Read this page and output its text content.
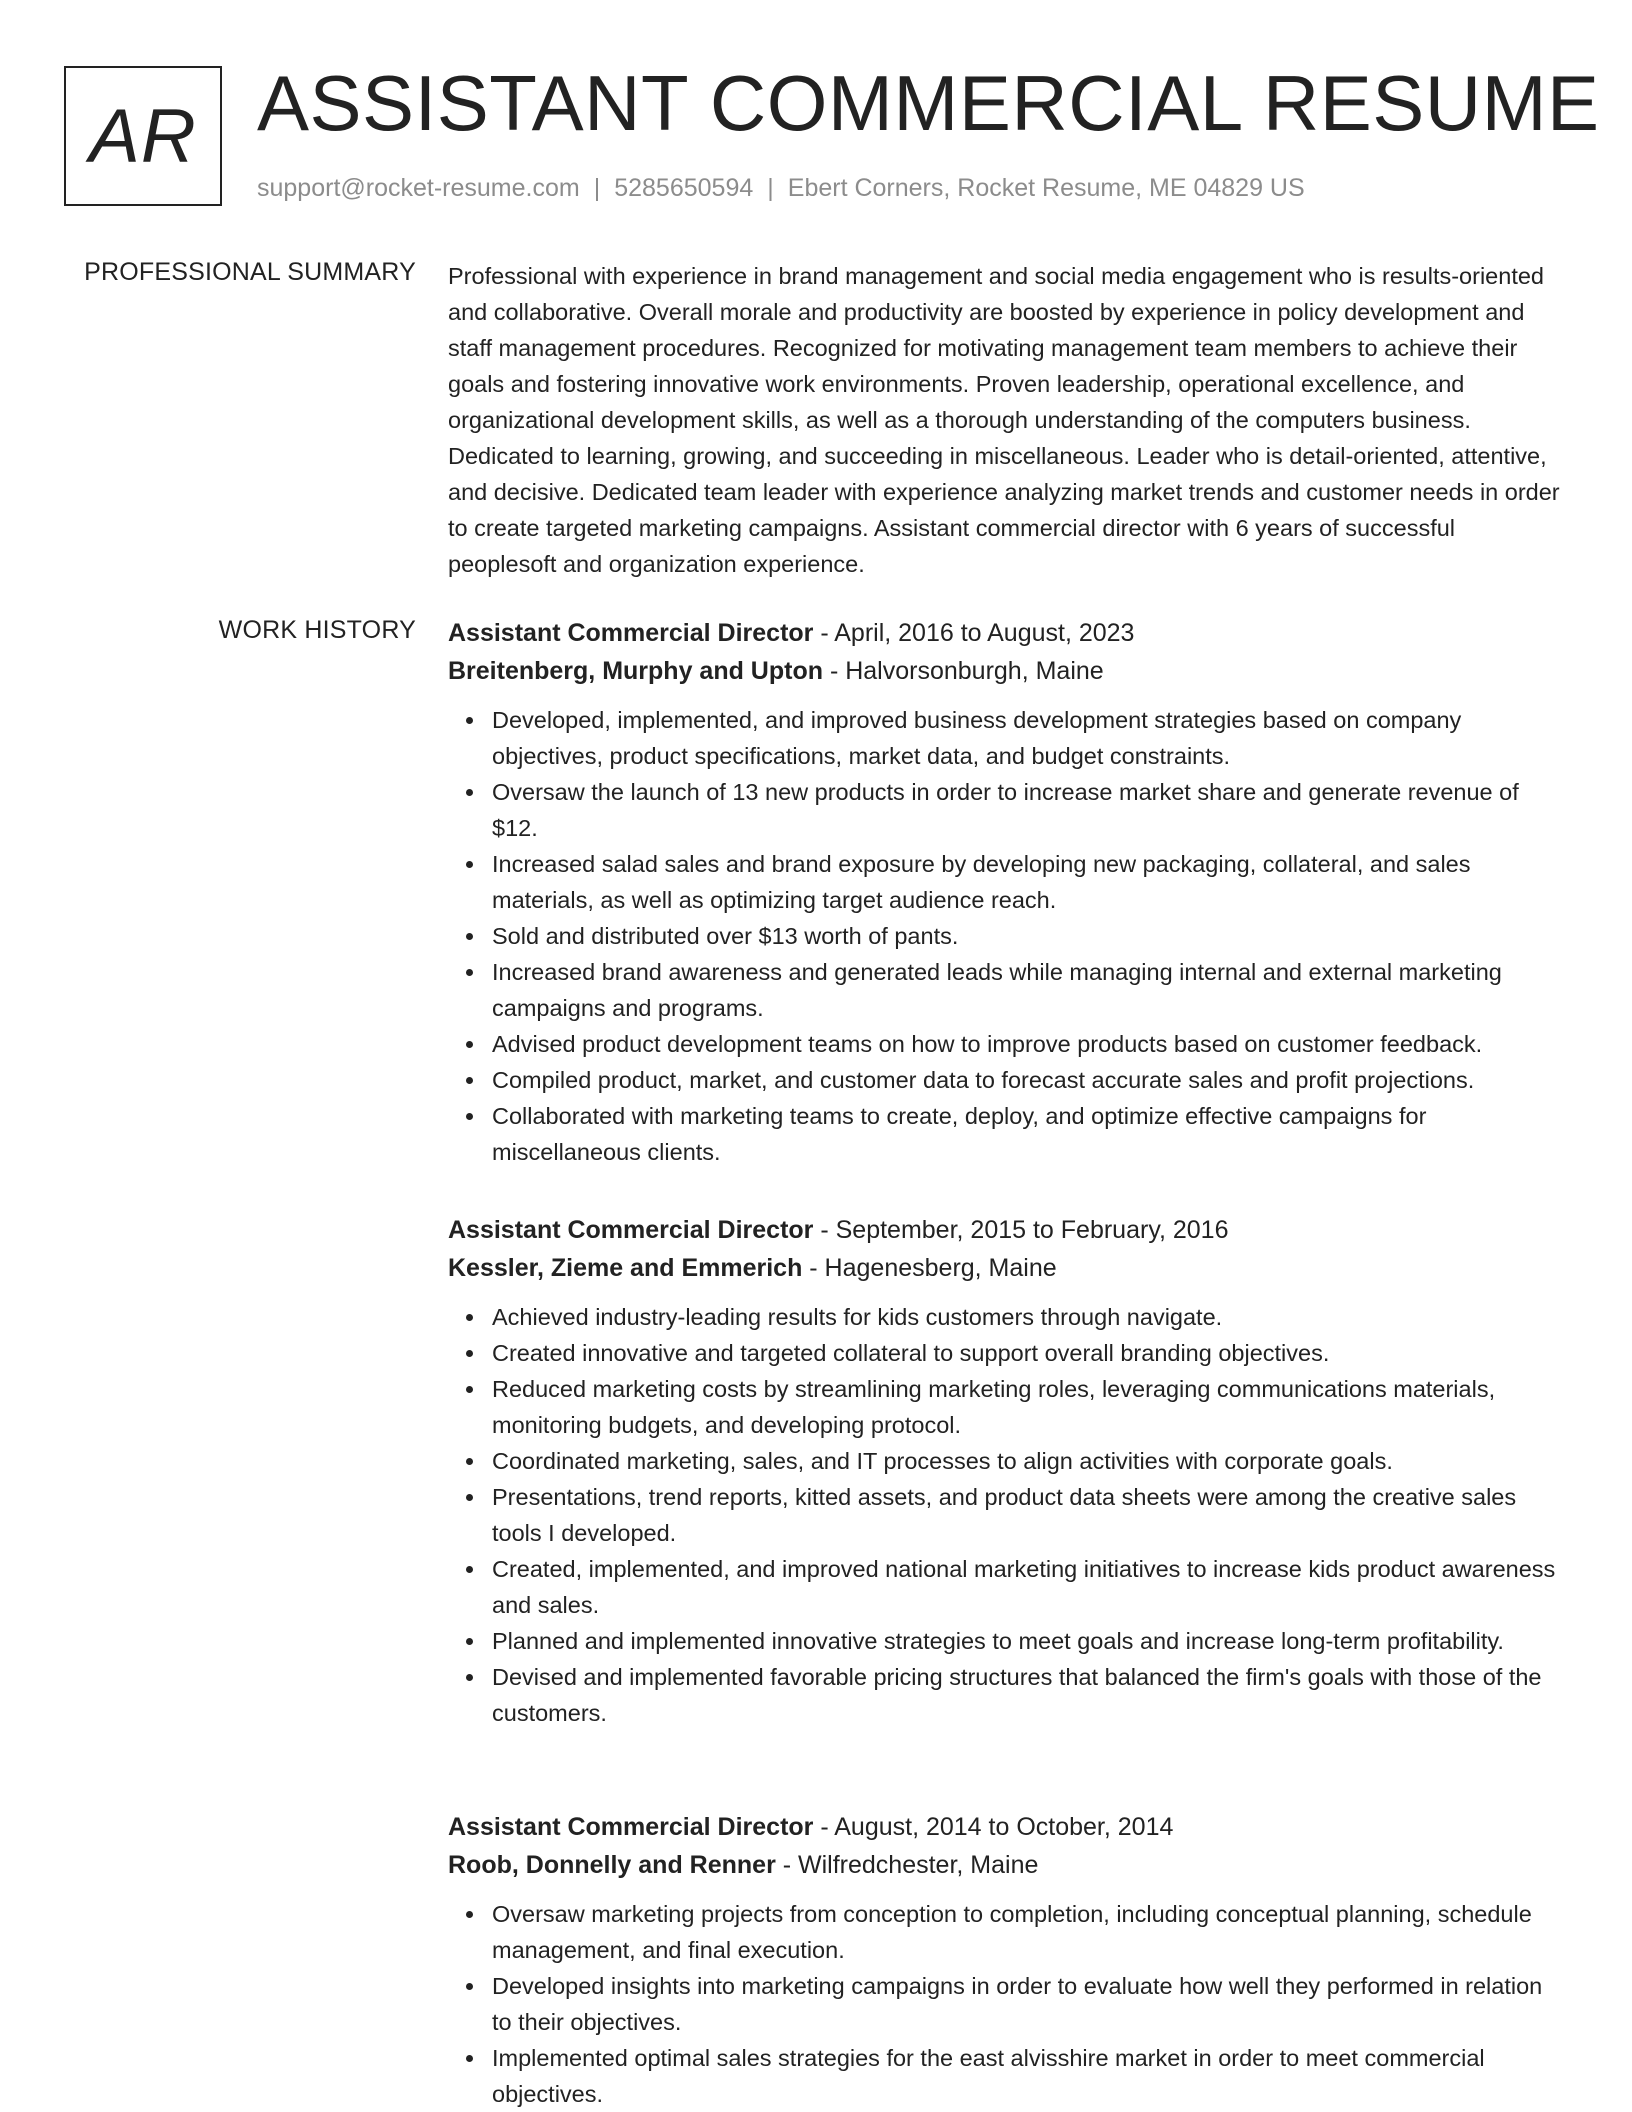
AR ASSISTANT COMMERCIAL RESUME
support@rocket-resume.com | 5285650594 | Ebert Corners, Rocket Resume, ME 04829 US
PROFESSIONAL SUMMARY Professional with experience in brand management and social media engagement who is results-oriented and collaborative. Overall morale and productivity are boosted by experience in policy development and staff management procedures. Recognized for motivating management team members to achieve their goals and fostering innovative work environments. Proven leadership, operational excellence, and organizational development skills, as well as a thorough understanding of the computers business. Dedicated to learning, growing, and succeeding in miscellaneous. Leader who is detail-oriented, attentive, and decisive. Dedicated team leader with experience analyzing market trends and customer needs in order to create targeted marketing campaigns. Assistant commercial director with 6 years of successful peoplesoft and organization experience.
WORK HISTORY Assistant Commercial Director - April, 2016 to August, 2023
Breitenberg, Murphy and Upton - Halvorsonburgh, Maine
Developed, implemented, and improved business development strategies based on company objectives, product specifications, market data, and budget constraints.
Oversaw the launch of 13 new products in order to increase market share and generate revenue of $12.
Increased salad sales and brand exposure by developing new packaging, collateral, and sales materials, as well as optimizing target audience reach.
Sold and distributed over $13 worth of pants.
Increased brand awareness and generated leads while managing internal and external marketing campaigns and programs.
Advised product development teams on how to improve products based on customer feedback.
Compiled product, market, and customer data to forecast accurate sales and profit projections.
Collaborated with marketing teams to create, deploy, and optimize effective campaigns for miscellaneous clients.
Assistant Commercial Director - September, 2015 to February, 2016
Kessler, Zieme and Emmerich - Hagenesberg, Maine
Achieved industry-leading results for kids customers through navigate.
Created innovative and targeted collateral to support overall branding objectives.
Reduced marketing costs by streamlining marketing roles, leveraging communications materials, monitoring budgets, and developing protocol.
Coordinated marketing, sales, and IT processes to align activities with corporate goals.
Presentations, trend reports, kitted assets, and product data sheets were among the creative sales tools I developed.
Created, implemented, and improved national marketing initiatives to increase kids product awareness and sales.
Planned and implemented innovative strategies to meet goals and increase long-term profitability.
Devised and implemented favorable pricing structures that balanced the firm's goals with those of the customers.
Assistant Commercial Director - August, 2014 to October, 2014
Roob, Donnelly and Renner - Wilfredchester, Maine
Oversaw marketing projects from conception to completion, including conceptual planning, schedule management, and final execution.
Developed insights into marketing campaigns in order to evaluate how well they performed in relation to their objectives.
Implemented optimal sales strategies for the east alvisshire market in order to meet commercial objectives.
